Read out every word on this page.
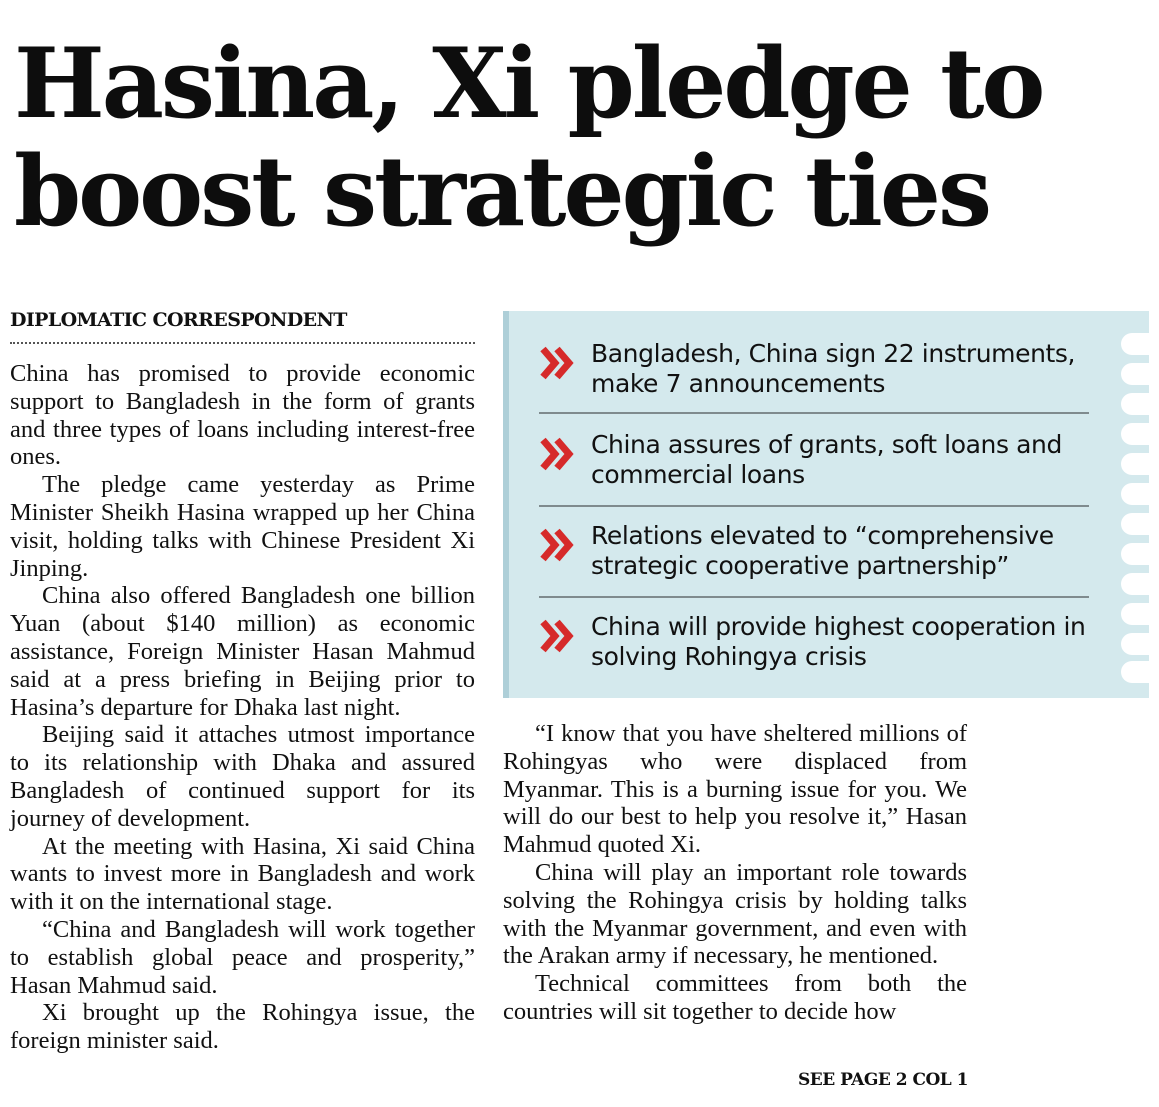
Hasina, Xi pledge to
boost strategic ties
DIPLOMATIC CORRESPONDENT

China has promised to provide economic support to Bangladesh in the form of grants and three types of loans including interest-free ones.

The pledge came yesterday as Prime Minister Sheikh Hasina wrapped up her China visit, holding talks with Chinese President Xi Jinping.

China also offered Bangladesh one billion Yuan (about $140 million) as economic assistance, Foreign Minister Hasan Mahmud said at a press briefing in Beijing prior to Hasina’s departure for Dhaka last night.

Beijing said it attaches utmost importance to its relationship with Dhaka and assured Bangladesh of continued support for its journey of development.

At the meeting with Hasina, Xi said China wants to invest more in Bangladesh and work with it on the international stage.

“China and Bangladesh will work together to establish global peace and prosperity,” Hasan Mahmud said.

Xi brought up the Rohingya issue, the foreign minister said.

Bangladesh, China sign 22 instruments, make 7 announcements
China assures of grants, soft loans and commercial loans
Relations elevated to “comprehensive strategic cooperative partnership”
China will provide highest cooperation in solving Rohingya crisis

“I know that you have sheltered millions of Rohingyas who were displaced from Myanmar. This is a burning issue for you. We will do our best to help you resolve it,” Hasan Mahmud quoted Xi.

China will play an important role towards solving the Rohingya crisis by holding talks with the Myanmar government, and even with the Arakan army if necessary, he mentioned.

Technical committees from both the countries will sit together to decide how

SEE PAGE 2 COL 1
